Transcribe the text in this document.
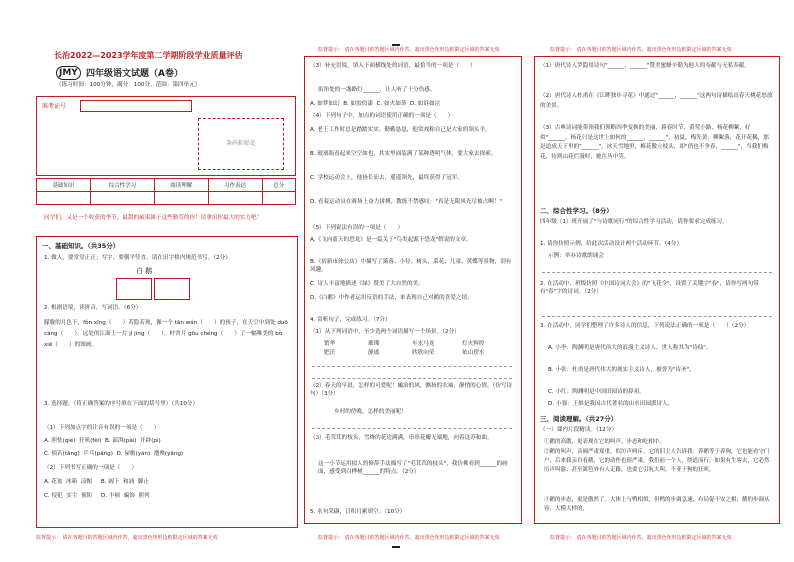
长治2022—2023学年度第二学期阶段学业质量评估
JMY 四年级语文试题（A卷）
（练习时间：100分钟，满分：100分，范围：第四单元）
准考证号
条码粘贴处
基础知识	综合性学习	阅读理解	习作表达	总分

同学们，又是一个收获的季节，最甜的硕果属于这些勤劳的你！请拿出你最大的实力吧！
一、基础知识。（共35分）
1. 做人，要堂堂正正；写字，要横平竖直，请在田字格内规范书写。（2分）
白 鹅
2. 根据语境，读拼音，写词语。（6分）
朦胧的月色下，fǒn xīng（　　）若隐若现，像一个 tān wán（　　）的孩子，在天空中到处 duō cáng（　　），远处的江面上一片 jì jìng（　　），村舍月 gōu chéng（　　）了一幅唯美的 bó xiē（　　）的图画。
3. 选择题。（将正确答案的序号填在下面的括号里）（共10分）
（1）下列加点字的注音有误的一项是（　　）
A. 胆怯(qiè)  狂吠(fèi)  B. 澎湃(pài)  开辟(pì)
C. 倘若(tǎng)  乒乓(pāng)  D. 屋檐(yán)  遭殃(yāng)
（2）下列书写正确的一项是（　　）
A. 花盆  冰箱  涼帽     B. 阔下  和涌  脚止
C. 侵犯  实尘  预防     D. 丰顿  骗饰  照列
监督提示： 请在各题目的答题区域内作答，超出黑色矩形边框限定区域的答案无效
监督提示： 请在各题目的答题区域内作答，超出黑色矩形边框限定区域的答案无效
（3）补充语境，填入下面横线处的词语，最恰当的一项是（　　）
街角处的一盏路灯______，让人听了十分伤感。
A. 如梦如幻  B. 如胶似漆  C. 如火如荼  D. 如诉如泣
（4）下列句子中，加点的词语使用正确的一项是（　　）
A. 老王工作时总是踏踏实实、勤勤恳恳，他常戏称自己是大家的领头羊。
B. 玻璃瓶看起来空空如也，其实里面装满了某种透明气体，要大家去探索。
C. 学校运动会上，他扬长而去，遥遥领先，最终获得了冠军。
D. 看着运动员在赛场上奋力拼搏，教练不禁感叹："真是无限风光尽被占啊！"
（5）下列说法有误的一项是（　　）
A.《飞向蓝天的恐龙》是一篇关于"鸟类起源于恐龙"假说的文章。
B.《宿新市徐公店》中描写了篱落、小径、树头、菜花、儿童、黄蝶等景物，别有风趣。
C. 诗人丰富地描述《绿》赞美了大自然的美。
D.《白鹅》中作者运用反语的手法，来表现自己对鹅的喜爱之情。
4. 赏析句子，完成练习。（7分）
（1）从下列词语中，至少选两个词语描写一个场景。（2分）
繁华	璀璨	车水马龙	灯火辉煌
肥沃	静谧	欣欣向荣	依山傍水
（2）春天的早晨，怎样的可爱呢！融治的风，飘扬的衣袖，静悄的心情。（仿写诗句）（3分）
乡村的傍晚，怎样的美丽呢！
（3）毛茸茸的枝头，雪绛的花边满满，串串花瓣无端地，向着这苏和曲。
这一小节运用拟人的修辞手法描写了"毛茸茸的枝头"，我仿佛看到______的画面，感受到白桦树______的特点。（2分）
5. 名句采撷，日积月累填空。（10分）
监督提示： 请在各题目的答题区域内作答，超出黑色矩形边框限定区域的答案无效
监督提示： 请在各题目的答题区域内作答，超出黑色矩形边框限定区域的答案无效
（1）唐代诗人罗隐用诗句"______，______"赞美蜜蜂辛勤为他人的奉献与无私奉献。
（2）唐代诗人杜甫在《江畔独步寻花》中通过"______，______"这两句诗描绘出春天桃花怒放的美景。
（3）古典诗词能带领我们领略四季变换的美丽，暮春时节，黄莺小路，杨花柳絮，好似"______，杨花只是这世上如何的______，______"，初夏，梅先黄，柳絮落，花开花稀，那是道成天下里的"______"，冰天雪地里，梅花傲立枝头，却"俏也不争春，______"，当我们梅花，待到山花烂漫时，她在丛中笑。
二、综合性学习。（8分）
四年级（1）班开展了"与诗歌同行"的综合性学习活动，请你要求完成练习。
1. 请你仿照示例，给此次活动设计两个活动环节。（4分）
示例：举办诗歌朗诵会
2. 在活动中，班级仿照《中国诗词大会》的"飞花令"，设置了关键字"春"，请你写两句带有"春"字的诗词。（2分）
3. 在活动中，同学们整理了许多诗人的信息，下列说法正确的一项是（　　）（2分）
A. 小李：陶渊明是唐代伟大的浪漫主义诗人，世人称其为"诗仙"。
B. 小张：杜甫是唐代伟大的现实主义诗人，被誉为"诗圣"。
C. 小红：陶渊明是中国田园诗的鼻祖。
D. 小强：王维是我国古代著名的山水田园派诗人。
三、阅读理解。（共27分）
（一）课内片段精读。（12分）
①鹅的高傲，更表现在它的叫声、步态和吃相中。
②鹅的叫声，音调严肃郑重，似厉声呵斥。它的旧主人告诉我：养鹅等于养狗，它也能看守门户，后来我亲自看鹅，它的动作也很严肃，我们前一个人，绕道而行。如果有生客去，它必然厉声叫嚣；甚至篱笆外有人走路，也要它引吭大叫，不亚于狗的狂吠。
③鹅的步态，更是傲然了。大体上与鸭相似，但鸭的步调急速，有局促不安之相；鹅的步调从容，大模大样的，
监督提示： 请在各题目的答题区域内作答，超出黑色矩形边框限定区域的答案无效
